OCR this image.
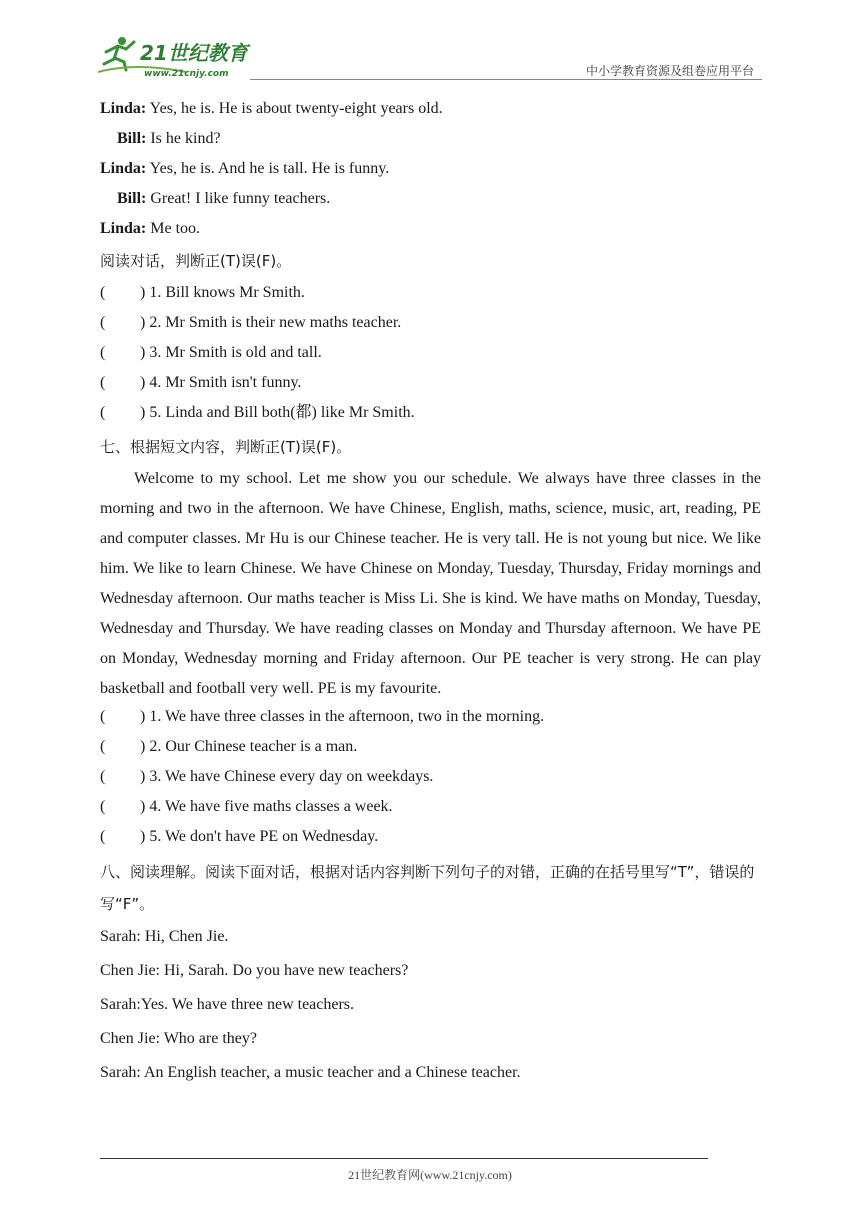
21世纪教育
www.21cnjy.com	中小学教育资源及组卷应用平台
Linda: Yes, he is. He is about twenty-eight years old.
Bill: Is he kind?
Linda: Yes, he is. And he is tall. He is funny.
Bill: Great! I like funny teachers.
Linda: Me too.
阅读对话，判断正(T)误(F)。
( ) 1. Bill knows Mr Smith.
( ) 2. Mr Smith is their new maths teacher.
( ) 3. Mr Smith is old and tall.
( ) 4. Mr Smith isn't funny.
( ) 5. Linda and Bill both(都) like Mr Smith.
七、根据短文内容，判断正(T)误(F)。

Welcome to my school. Let me show you our schedule. We always have three classes in the morning and two in the afternoon. We have Chinese, English, maths, science, music, art, reading, PE and computer classes. Mr Hu is our Chinese teacher. He is very tall. He is not young but nice. We like him. We like to learn Chinese. We have Chinese on Monday, Tuesday, Thursday, Friday mornings and Wednesday afternoon. Our maths teacher is Miss Li. She is kind. We have maths on Monday, Tuesday, Wednesday and Thursday. We have reading classes on Monday and Thursday afternoon. We have PE on Monday, Wednesday morning and Friday afternoon. Our PE teacher is very strong. He can play basketball and football very well. PE is my favourite.

( ) 1. We have three classes in the afternoon, two in the morning.
( ) 2. Our Chinese teacher is a man.
( ) 3. We have Chinese every day on weekdays.
( ) 4. We have five maths classes a week.
( ) 5. We don't have PE on Wednesday.
八、阅读理解。阅读下面对话，根据对话内容判断下列句子的对错，正确的在括号里写“T”，错误的写“F”。
Sarah: Hi, Chen Jie.
Chen Jie: Hi, Sarah. Do you have new teachers?
Sarah:Yes. We have three new teachers.
Chen Jie: Who are they?
Sarah: An English teacher, a music teacher and a Chinese teacher.
21世纪教育网(www.21cnjy.com)
